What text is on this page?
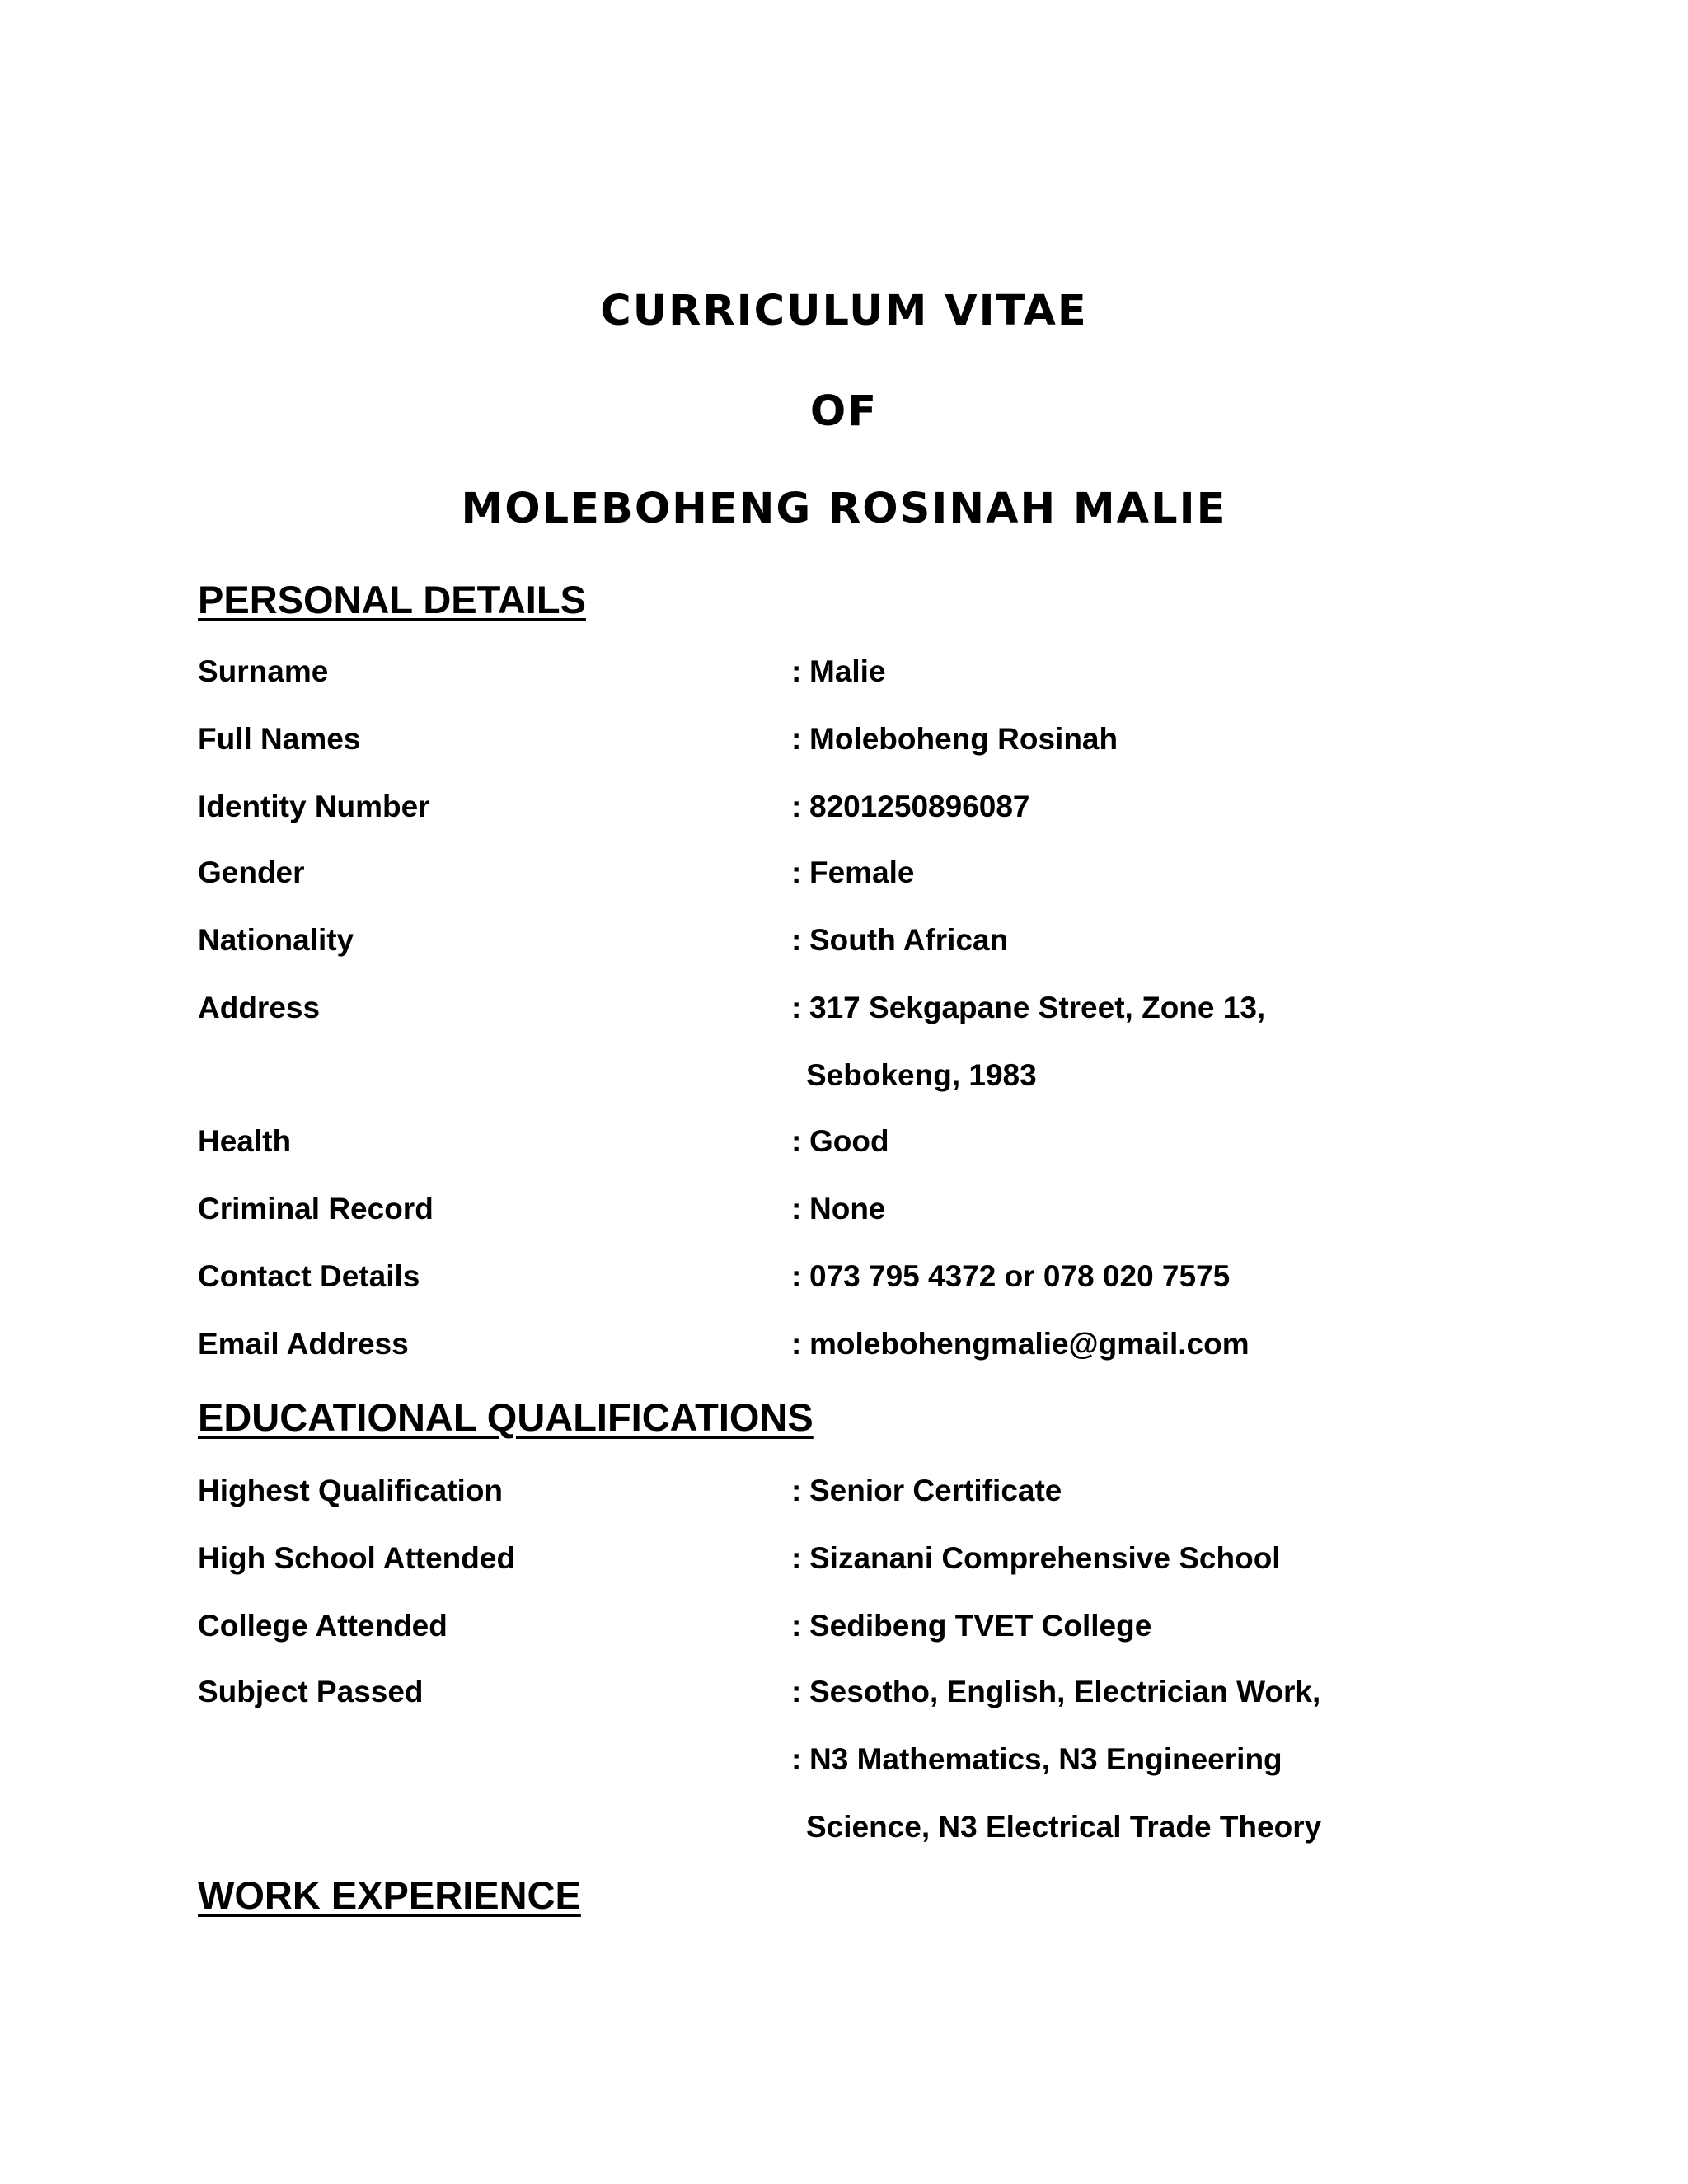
CURRICULUM VITAE
OF
MOLEBOHENG ROSINAH MALIE
PERSONAL DETAILS
Surname	: Malie
Full Names	: Moleboheng Rosinah
Identity Number	: 8201250896087
Gender	: Female
Nationality	: South African
Address	: 317 Sekgapane Street, Zone 13,
Sebokeng, 1983
Health	: Good
Criminal Record	: None
Contact Details	: 073 795 4372 or 078 020 7575
Email Address	: molebohengmalie@gmail.com
EDUCATIONAL QUALIFICATIONS
Highest Qualification	: Senior Certificate
High School Attended	: Sizanani Comprehensive School
College Attended	: Sedibeng TVET College
Subject Passed	: Sesotho, English, Electrician Work,
: N3 Mathematics, N3 Engineering
Science, N3 Electrical Trade Theory
WORK EXPERIENCE
